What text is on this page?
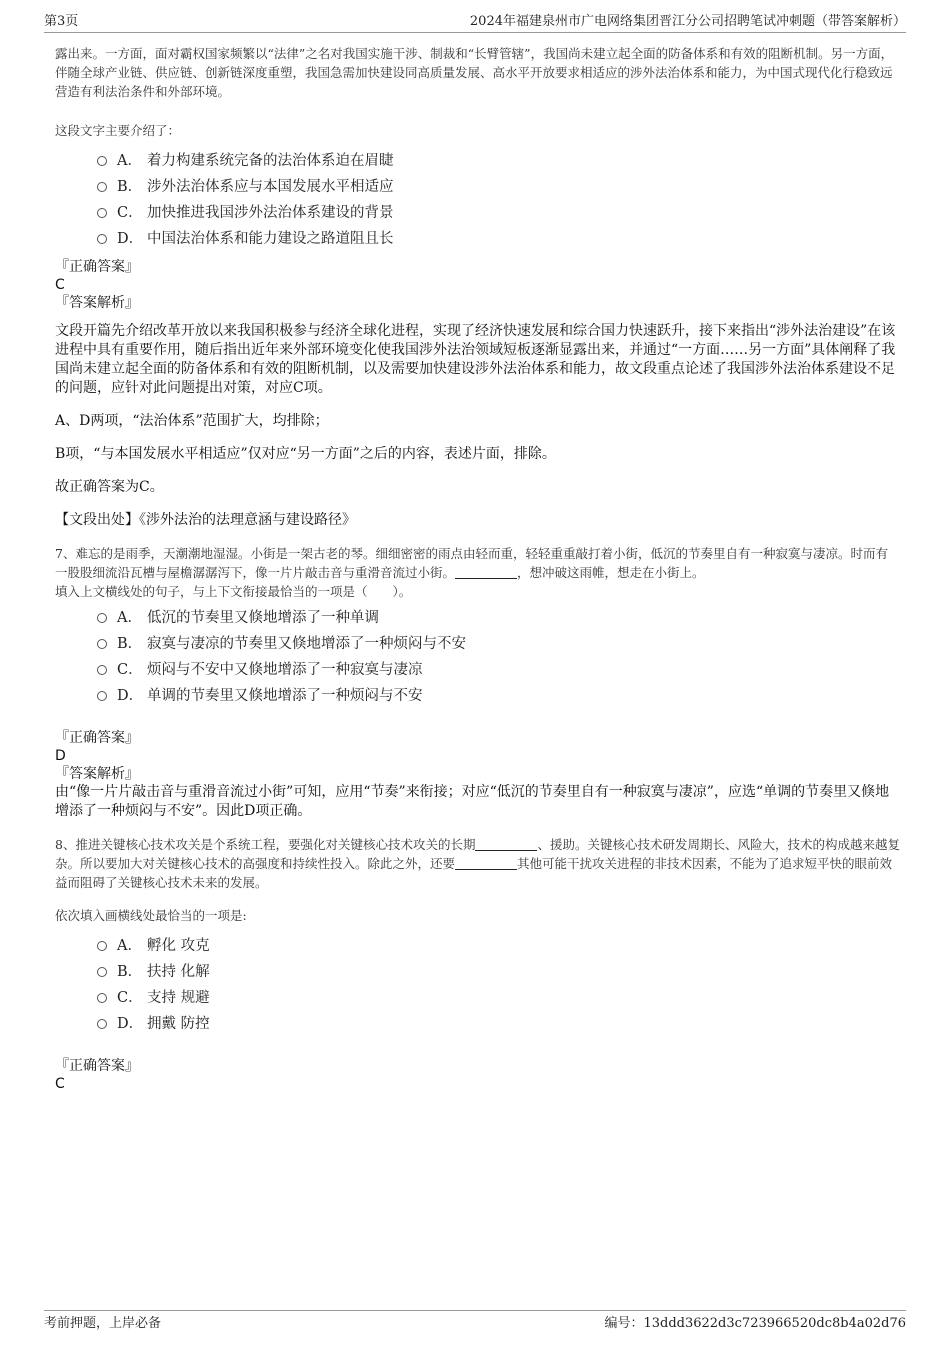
第3页	2024年福建泉州市广电网络集团晋江分公司招聘笔试冲刺题（带答案解析）

露出来。一方面，面对霸权国家频繁以“法律”之名对我国实施干涉、制裁和“长臂管辖”，我国尚未建立起全面的防备体系和有效的阻断机制。另一方面，伴随全球产业链、供应链、创新链深度重塑，我国急需加快建设同高质量发展、高水平开放要求相适应的涉外法治体系和能力，为中国式现代化行稳致远营造有利法治条件和外部环境。

这段文字主要介绍了：

A． 着力构建系统完备的法治体系迫在眉睫
B． 涉外法治体系应与本国发展水平相适应
C． 加快推进我国涉外法治体系建设的背景
D． 中国法治体系和能力建设之路道阻且长
『正确答案』
C
『答案解析』

文段开篇先介绍改革开放以来我国积极参与经济全球化进程，实现了经济快速发展和综合国力快速跃升，接下来指出“涉外法治建设”在该进程中具有重要作用，随后指出近年来外部环境变化使我国涉外法治领域短板逐渐显露出来，并通过“一方面……另一方面”具体阐释了我国尚未建立起全面的防备体系和有效的阻断机制，以及需要加快建设涉外法治体系和能力，故文段重点论述了我国涉外法治体系建设不足的问题，应针对此问题提出对策，对应C项。

A、D两项，“法治体系”范围扩大，均排除；

B项，“与本国发展水平相适应”仅对应“另一方面”之后的内容，表述片面，排除。

故正确答案为C。

【文段出处】《涉外法治的法理意涵与建设路径》

7、难忘的是雨季，天潮潮地湿湿。小街是一架古老的琴。细细密密的雨点由轻而重，轻轻重重敲打着小街，低沉的节奏里自有一种寂寞与凄凉。时而有一股股细流沿瓦槽与屋檐潺潺泻下，像一片片敲击音与重滑音流过小街。	，想冲破这雨帷，想走在小街上。

填入上文横线处的句子，与上下文衔接最恰当的一项是（　　）。

A． 低沉的节奏里又倏地增添了一种单调
B． 寂寞与凄凉的节奏里又倏地增添了一种烦闷与不安
C． 烦闷与不安中又倏地增添了一种寂寞与凄凉
D． 单调的节奏里又倏地增添了一种烦闷与不安
『正确答案』
D
『答案解析』

由“像一片片敲击音与重滑音流过小街”可知，应用“节奏”来衔接；对应“低沉的节奏里自有一种寂寞与凄凉”，应选“单调的节奏里又倏地增添了一种烦闷与不安”。因此D项正确。

8、推进关键核心技术攻关是个系统工程，要强化对关键核心技术攻关的长期	、援助。关键核心技术研发周期长、风险大，技术的构成越来越复杂。所以要加大对关键核心技术的高强度和持续性投入。除此之外，还要	其他可能干扰攻关进程的非技术因素，不能为了追求短平快的眼前效益而阻碍了关键核心技术未来的发展。

依次填入画横线处最恰当的一项是:

A． 孵化 攻克
B． 扶持 化解
C． 支持 规避
D． 拥戴 防控
『正确答案』
C
考前押题，上岸必备	编号：13ddd3622d3c723966520dc8b4a02d76
